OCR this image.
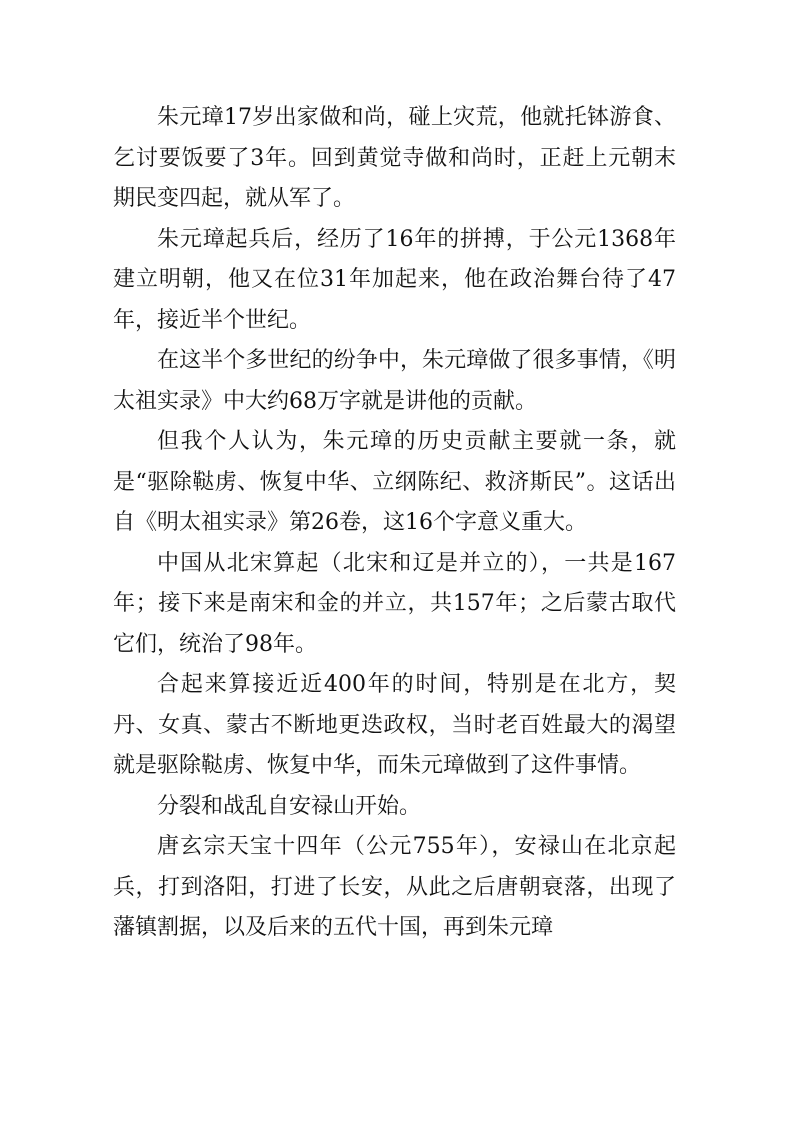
朱元璋17岁出家做和尚，碰上灾荒，他就托钵游食、乞讨要饭要了3年。回到黄觉寺做和尚时，正赶上元朝末期民变四起，就从军了。

朱元璋起兵后，经历了16年的拼搏，于公元1368年建立明朝，他又在位31年加起来，他在政治舞台待了47年，接近半个世纪。

在这半个多世纪的纷争中，朱元璋做了很多事情，《明太祖实录》中大约68万字就是讲他的贡献。

但我个人认为，朱元璋的历史贡献主要就一条，就是“驱除鞑虏、恢复中华、立纲陈纪、救济斯民”。这话出自《明太祖实录》第26卷，这16个字意义重大。

中国从北宋算起（北宋和辽是并立的），一共是167年；接下来是南宋和金的并立，共157年；之后蒙古取代它们，统治了98年。

合起来算接近近400年的时间，特别是在北方，契丹、女真、蒙古不断地更迭政权，当时老百姓最大的渴望就是驱除鞑虏、恢复中华，而朱元璋做到了这件事情。

分裂和战乱自安禄山开始。

唐玄宗天宝十四年（公元755年），安禄山在北京起兵，打到洛阳，打进了长安，从此之后唐朝衰落，出现了藩镇割据，以及后来的五代十国，再到朱元璋
